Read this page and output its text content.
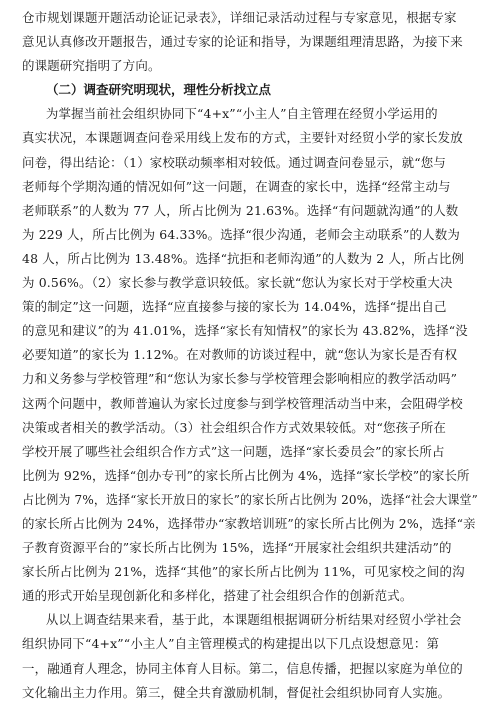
仓市规划课题开题活动论证记录表》，详细记录活动过程与专家意见，根据专家
意见认真修改开题报告，通过专家的论证和指导，为课题组理清思路，为接下来
的课题研究指明了方向。
（二）调查研究明现状，理性分析找立点
为掌握当前社会组织协同下“4+x”“小主人”自主管理在经贸小学运用的
真实状况，本课题调查问卷采用线上发布的方式，主要针对经贸小学的家长发放
问卷，得出结论：（1）家校联动频率相对较低。通过调查问卷显示，就“您与
老师每个学期沟通的情况如何”这一问题，在调查的家长中，选择“经常主动与
老师联系”的人数为 77 人，所占比例为 21.63%。选择“有问题就沟通”的人数
为 229 人，所占比例为 64.33%。选择“很少沟通，老师会主动联系”的人数为
48 人，所占比例为 13.48%。选择“抗拒和老师沟通”的人数为 2 人，所占比例
为 0.56%。（2）家长参与教学意识较低。家长就“您认为家长对于学校重大决
策的制定”这一问题，选择“应直接参与接的家长为 14.04%，选择“提出自己
的意见和建议”的为 41.01%，选择“家长有知情权”的家长为 43.82%，选择“没
必要知道”的家长为 1.12%。在对教师的访谈过程中，就“您认为家长是否有权
力和义务参与学校管理”和“您认为家长参与学校管理会影响相应的教学活动吗”
这两个问题中，教师普遍认为家长过度参与到学校管理活动当中来，会阻碍学校
决策或者相关的教学活动。（3）社会组织合作方式效果较低。对“您孩子所在
学校开展了哪些社会组织合作方式”这一问题，选择“家长委员会”的家长所占
比例为 92%，选择“创办专刊”的家长所占比例为 4%，选择“家长学校”的家长所
占比例为 7%，选择“家长开放日的家长”的家长所占比例为 20%，选择“社会大课堂”
的家长所占比例为 24%，选择带办“家教培训班”的家长所占比例为 2%，选择“亲
子教育资源平台的”家长所占比例为 15%，选择“开展家社会组织共建活动”的
家长所占比例为 21%，选择“其他”的家长所占比例为 11%，可见家校之间的沟
通的形式开始呈现创新化和多样化，搭建了社会组织合作的创新范式。
从以上调查结果来看，基于此，本课题组根据调研分析结果对经贸小学社会
组织协同下“4+x”“小主人”自主管理模式的构建提出以下几点设想意见：第
一，融通育人理念，协同主体育人目标。第二，信息传播，把握以家庭为单位的
文化输出主力作用。第三，健全共育激励机制，督促社会组织协同育人实施。
